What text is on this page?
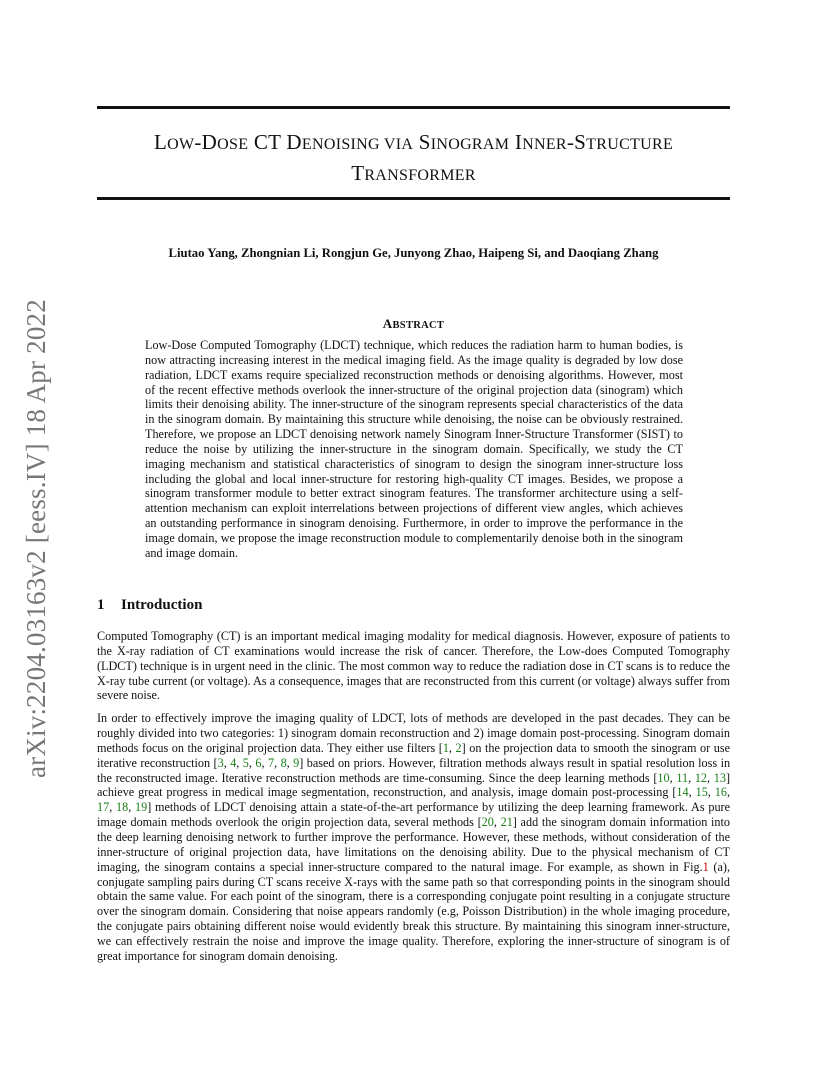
LOW-DOSE CT DENOISING VIA SINOGRAM INNER-STRUCTURE
TRANSFORMER
Liutao Yang, Zhongnian Li, Rongjun Ge, Junyong Zhao, Haipeng Si, and Daoqiang Zhang
arXiv:2204.03163v2 [eess.IV] 18 Apr 2022	ABSTRACT

Low-Dose Computed Tomography (LDCT) technique, which reduces the radiation harm to human bodies, is now attracting increasing interest in the medical imaging field. As the image quality is degraded by low dose radiation, LDCT exams require specialized reconstruction methods or denoising algorithms. However, most of the recent effective methods overlook the inner-structure of the original projection data (sinogram) which limits their denoising ability. The inner-structure of the sinogram represents special characteristics of the data in the sinogram domain. By maintaining this structure while denoising, the noise can be obviously restrained. Therefore, we propose an LDCT denoising network namely Sinogram Inner-Structure Transformer (SIST) to reduce the noise by utilizing the inner-structure in the sinogram domain. Specifically, we study the CT imaging mechanism and statistical characteristics of sinogram to design the sinogram inner-structure loss including the global and local inner-structure for restoring high-quality CT images. Besides, we propose a sinogram transformer module to better extract sinogram features. The transformer architecture using a self-attention mechanism can exploit interrelations between projections of different view angles, which achieves an outstanding performance in sinogram denoising. Furthermore, in order to improve the performance in the image domain, we propose the image reconstruction module to complementarily denoise both in the sinogram and image domain.

1 Introduction

Computed Tomography (CT) is an important medical imaging modality for medical diagnosis. However, exposure of patients to the X-ray radiation of CT examinations would increase the risk of cancer. Therefore, the Low-does Computed Tomography (LDCT) technique is in urgent need in the clinic. The most common way to reduce the radiation dose in CT scans is to reduce the X-ray tube current (or voltage). As a consequence, images that are reconstructed from this current (or voltage) always suffer from severe noise.

In order to effectively improve the imaging quality of LDCT, lots of methods are developed in the past decades. They can be roughly divided into two categories: 1) sinogram domain reconstruction and 2) image domain post-processing. Sinogram domain methods focus on the original projection data. They either use filters [1, 2] on the projection data to smooth the sinogram or use iterative reconstruction [3, 4, 5, 6, 7, 8, 9] based on priors. However, filtration methods always result in spatial resolution loss in the reconstructed image. Iterative reconstruction methods are time-consuming. Since the deep learning methods [10, 11, 12, 13] achieve great progress in medical image segmentation, reconstruction, and analysis, image domain post-processing [14, 15, 16, 17, 18, 19] methods of LDCT denoising attain a state-of-the-art performance by utilizing the deep learning framework. As pure image domain methods overlook the origin projection data, several methods [20, 21] add the sinogram domain information into the deep learning denoising network to further improve the performance. However, these methods, without consideration of the inner-structure of original projection data, have limitations on the denoising ability. Due to the physical mechanism of CT imaging, the sinogram contains a special inner-structure compared to the natural image. For example, as shown in Fig.1 (a), conjugate sampling pairs during CT scans receive X-rays with the same path so that corresponding points in the sinogram should obtain the same value. For each point of the sinogram, there is a corresponding conjugate point resulting in a conjugate structure over the sinogram domain. Considering that noise appears randomly (e.g, Poisson Distribution) in the whole imaging procedure, the conjugate pairs obtaining different noise would evidently break this structure. By maintaining this sinogram inner-structure, we can effectively restrain the noise and improve the image quality. Therefore, exploring the inner-structure of sinogram is of great importance for sinogram domain denoising.
